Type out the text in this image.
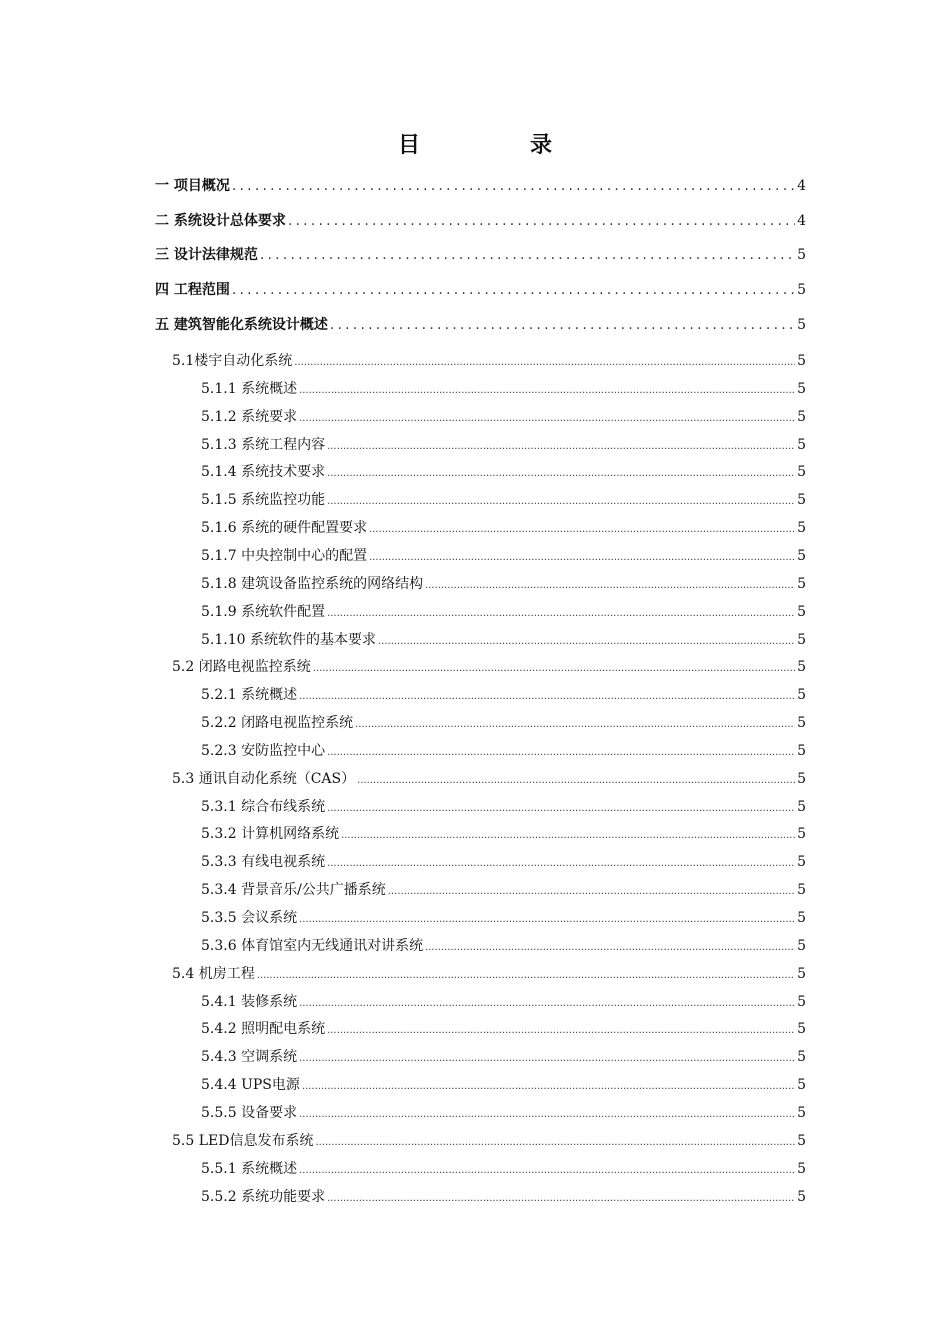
目　录
一 项目概况 .....	4
二 系统设计总体要求 .....	4
三 设计法律规范 .....	5
四 工程范围 .....	5
五 建筑智能化系统设计概述 .....	5
5.1楼宇自动化系统 .....	5
5.1.1 系统概述 .....	5
5.1.2 系统要求 .....	5
5.1.3 系统工程内容 .....	5
5.1.4 系统技术要求 .....	5
5.1.5 系统监控功能 .....	5
5.1.6 系统的硬件配置要求 .....	5
5.1.7 中央控制中心的配置 .....	5
5.1.8 建筑设备监控系统的网络结构 .....	5
5.1.9 系统软件配置 .....	5
5.1.10 系统软件的基本要求 .....	5
5.2 闭路电视监控系统 .....	5
5.2.1 系统概述 .....	5
5.2.2 闭路电视监控系统 .....	5
5.2.3 安防监控中心 .....	5
5.3 通讯自动化系统（CAS） .....	5
5.3.1 综合布线系统 .....	5
5.3.2 计算机网络系统 .....	5
5.3.3 有线电视系统 .....	5
5.3.4 背景音乐/公共广播系统 .....	5
5.3.5 会议系统 .....	5
5.3.6 体育馆室内无线通讯对讲系统 .....	5
5.4 机房工程 .....	5
5.4.1 装修系统 .....	5
5.4.2 照明配电系统 .....	5
5.4.3 空调系统 .....	5
5.4.4 UPS电源 .....	5
5.5.5 设备要求 .....	5
5.5 LED信息发布系统 .....	5
5.5.1 系统概述 .....	5
5.5.2 系统功能要求 .....	5
